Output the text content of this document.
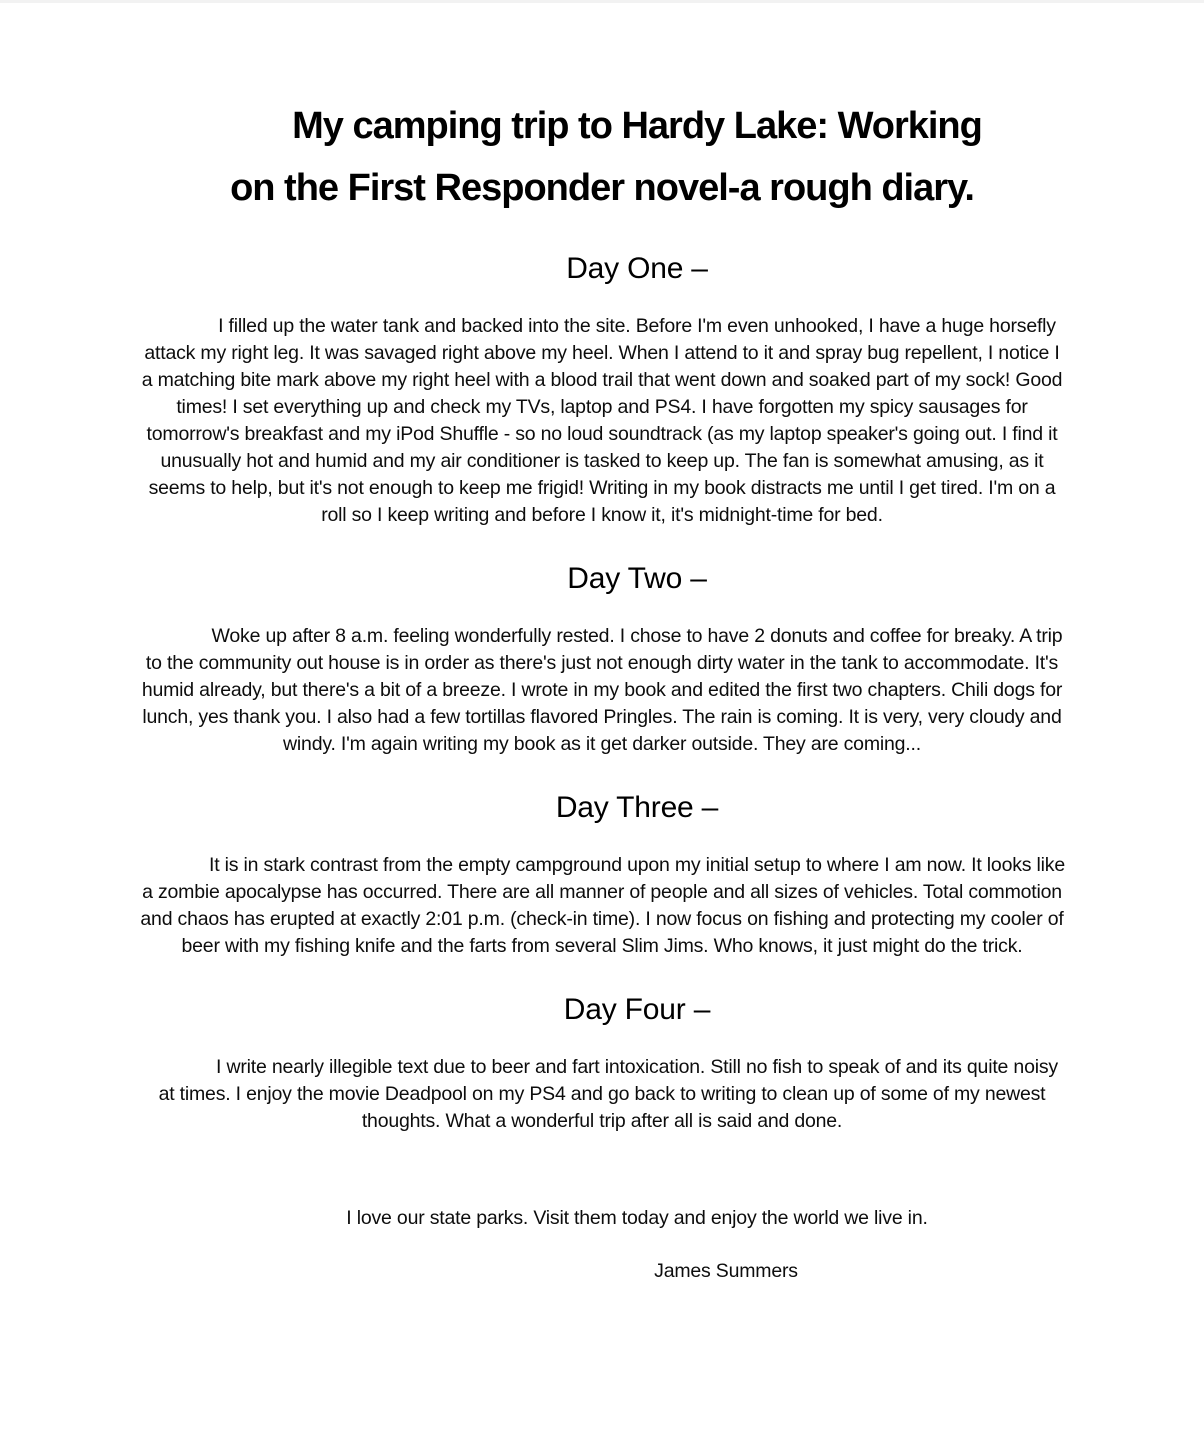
My camping trip to Hardy Lake: Working
on the First Responder novel-a rough diary.
Day One –

I filled up the water tank and backed into the site. Before I'm even unhooked, I have a huge horsefly attack my right leg. It was savaged right above my heel. When I attend to it and spray bug repellent, I notice I a matching bite mark above my right heel with a blood trail that went down and soaked part of my sock! Good times! I set everything up and check my TVs, laptop and PS4. I have forgotten my spicy sausages for tomorrow's breakfast and my iPod Shuffle - so no loud soundtrack (as my laptop speaker's going out. I find it unusually hot and humid and my air conditioner is tasked to keep up. The fan is somewhat amusing, as it seems to help, but it's not enough to keep me frigid! Writing in my book distracts me until I get tired. I'm on a roll so I keep writing and before I know it, it's midnight-time for bed.

Day Two –

Woke up after 8 a.m. feeling wonderfully rested. I chose to have 2 donuts and coffee for breaky. A trip to the community out house is in order as there's just not enough dirty water in the tank to accommodate. It's humid already, but there's a bit of a breeze. I wrote in my book and edited the first two chapters. Chili dogs for lunch, yes thank you. I also had a few tortillas flavored Pringles. The rain is coming. It is very, very cloudy and windy. I'm again writing my book as it get darker outside. They are coming...

Day Three –

It is in stark contrast from the empty campground upon my initial setup to where I am now. It looks like a zombie apocalypse has occurred. There are all manner of people and all sizes of vehicles. Total commotion and chaos has erupted at exactly 2:01 p.m. (check-in time). I now focus on fishing and protecting my cooler of beer with my fishing knife and the farts from several Slim Jims. Who knows, it just might do the trick.

Day Four –

I write nearly illegible text due to beer and fart intoxication. Still no fish to speak of and its quite noisy at times. I enjoy the movie Deadpool on my PS4 and go back to writing to clean up of some of my newest thoughts. What a wonderful trip after all is said and done.

I love our state parks. Visit them today and enjoy the world we live in.

James Summers
